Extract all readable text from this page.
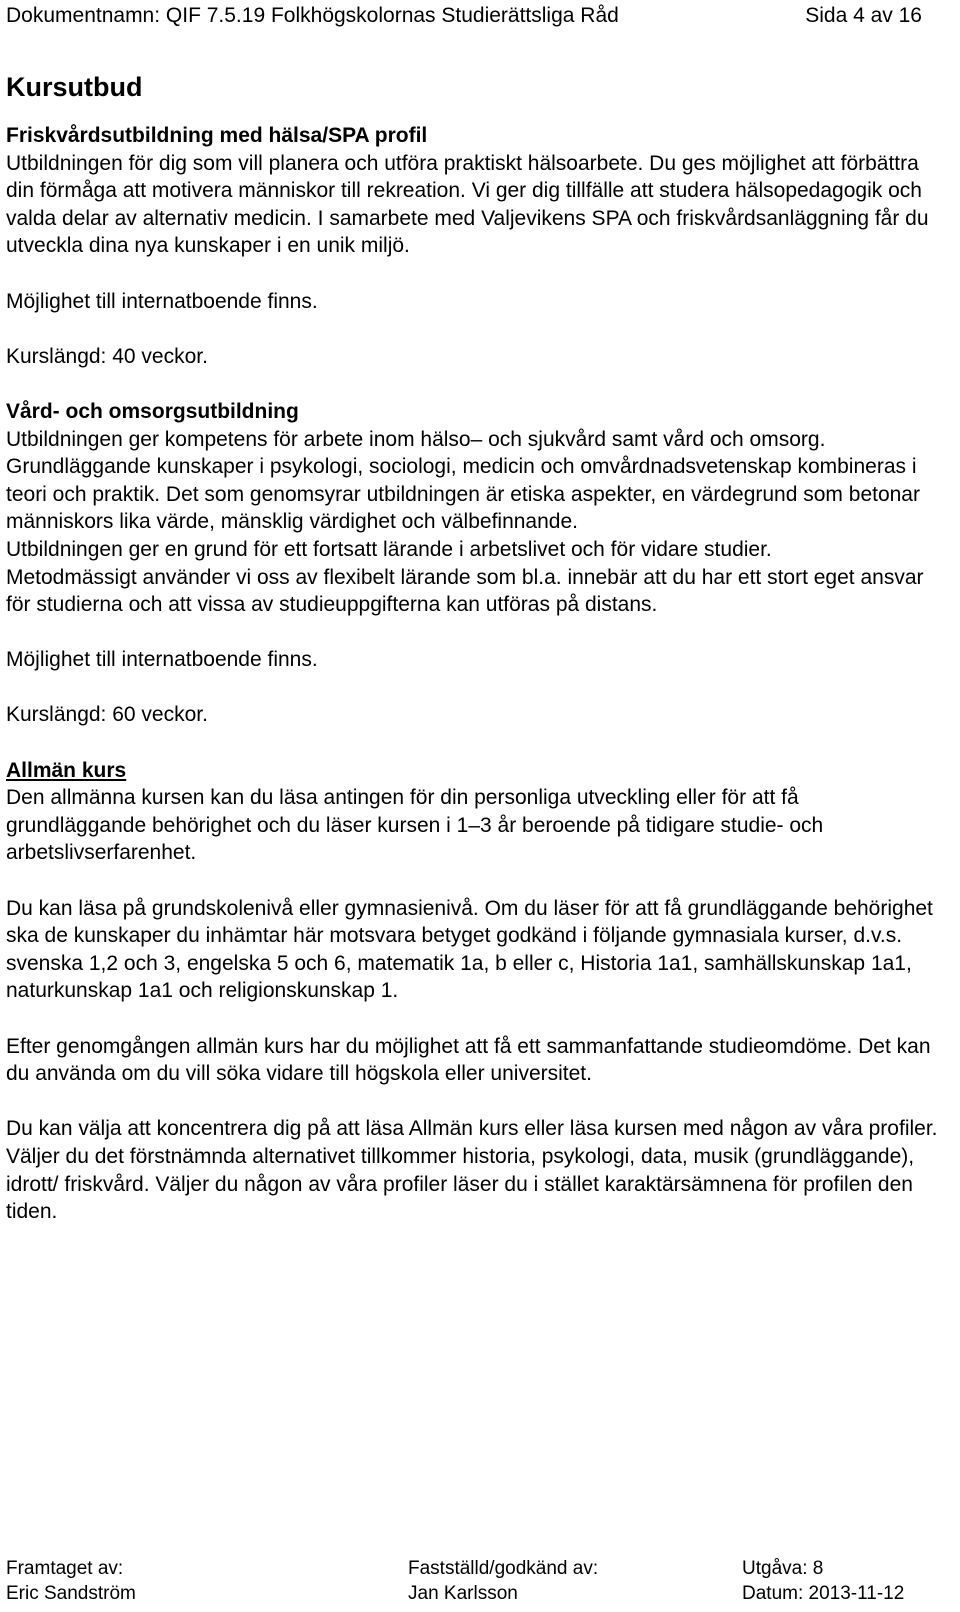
Dokumentnamn: QIF 7.5.19 Folkhögskolornas Studierättsliga Råd	Sida 4 av 16
Kursutbud

Friskvårdsutbildning med hälsa/SPA profil

Utbildningen för dig som vill planera och utföra praktiskt hälsoarbete. Du ges möjlighet att förbättra din förmåga att motivera människor till rekreation. Vi ger dig tillfälle att studera hälsopedagogik och valda delar av alternativ medicin. I samarbete med Valjevikens SPA och friskvårdsanläggning får du utveckla dina nya kunskaper i en unik miljö.

Möjlighet till internatboende finns.

Kurslängd: 40 veckor.

Vård- och omsorgsutbildning

Utbildningen ger kompetens för arbete inom hälso– och sjukvård samt vård och omsorg.

Grundläggande kunskaper i psykologi, sociologi, medicin och omvårdnadsvetenskap kombineras i teori och praktik. Det som genomsyrar utbildningen är etiska aspekter, en värdegrund som betonar människors lika värde, mänsklig värdighet och välbefinnande.

Utbildningen ger en grund för ett fortsatt lärande i arbetslivet och för vidare studier.

Metodmässigt använder vi oss av flexibelt lärande som bl.a. innebär att du har ett stort eget ansvar för studierna och att vissa av studieuppgifterna kan utföras på distans.

Möjlighet till internatboende finns.

Kurslängd: 60 veckor.

Allmän kurs

Den allmänna kursen kan du läsa antingen för din personliga utveckling eller för att få grundläggande behörighet och du läser kursen i 1–3 år beroende på tidigare studie- och arbetslivserfarenhet.

Du kan läsa på grundskolenivå eller gymnasienivå. Om du läser för att få grundläggande behörighet ska de kunskaper du inhämtar här motsvara betyget godkänd i följande gymnasiala kurser, d.v.s. svenska 1,2 och 3, engelska 5 och 6, matematik 1a, b eller c, Historia 1a1, samhällskunskap 1a1, naturkunskap 1a1 och religionskunskap 1.

Efter genomgången allmän kurs har du möjlighet att få ett sammanfattande studieomdöme. Det kan du använda om du vill söka vidare till högskola eller universitet.

Du kan välja att koncentrera dig på att läsa Allmän kurs eller läsa kursen med någon av våra profiler. Väljer du det förstnämnda alternativet tillkommer historia, psykologi, data, musik (grundläggande), idrott/ friskvård. Väljer du någon av våra profiler läser du i stället karaktärsämnena för profilen den tiden.

Framtaget av:
Eric Sandström
Fastställd/godkänd av:
Jan Karlsson
Utgåva: 8
Datum: 2013-11-12
